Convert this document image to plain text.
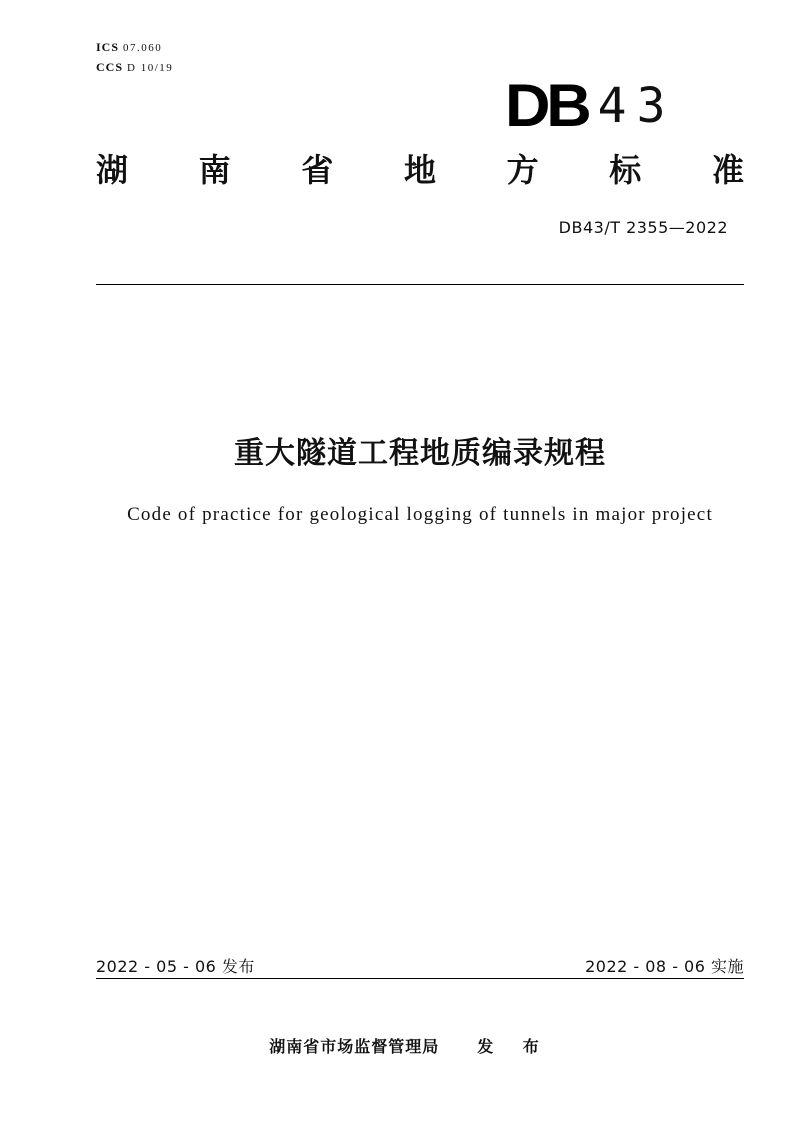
ICS 07.060
CCS D 10/19
DB 43
湖 南 省 地 方 标 准
DB43/T 2355—2022
重大隧道工程地质编录规程
Code of practice for geological logging of tunnels in major project
2022 - 05 - 06 发布	2022 - 08 - 06 实施
湖南省市场监督管理局 发 布
